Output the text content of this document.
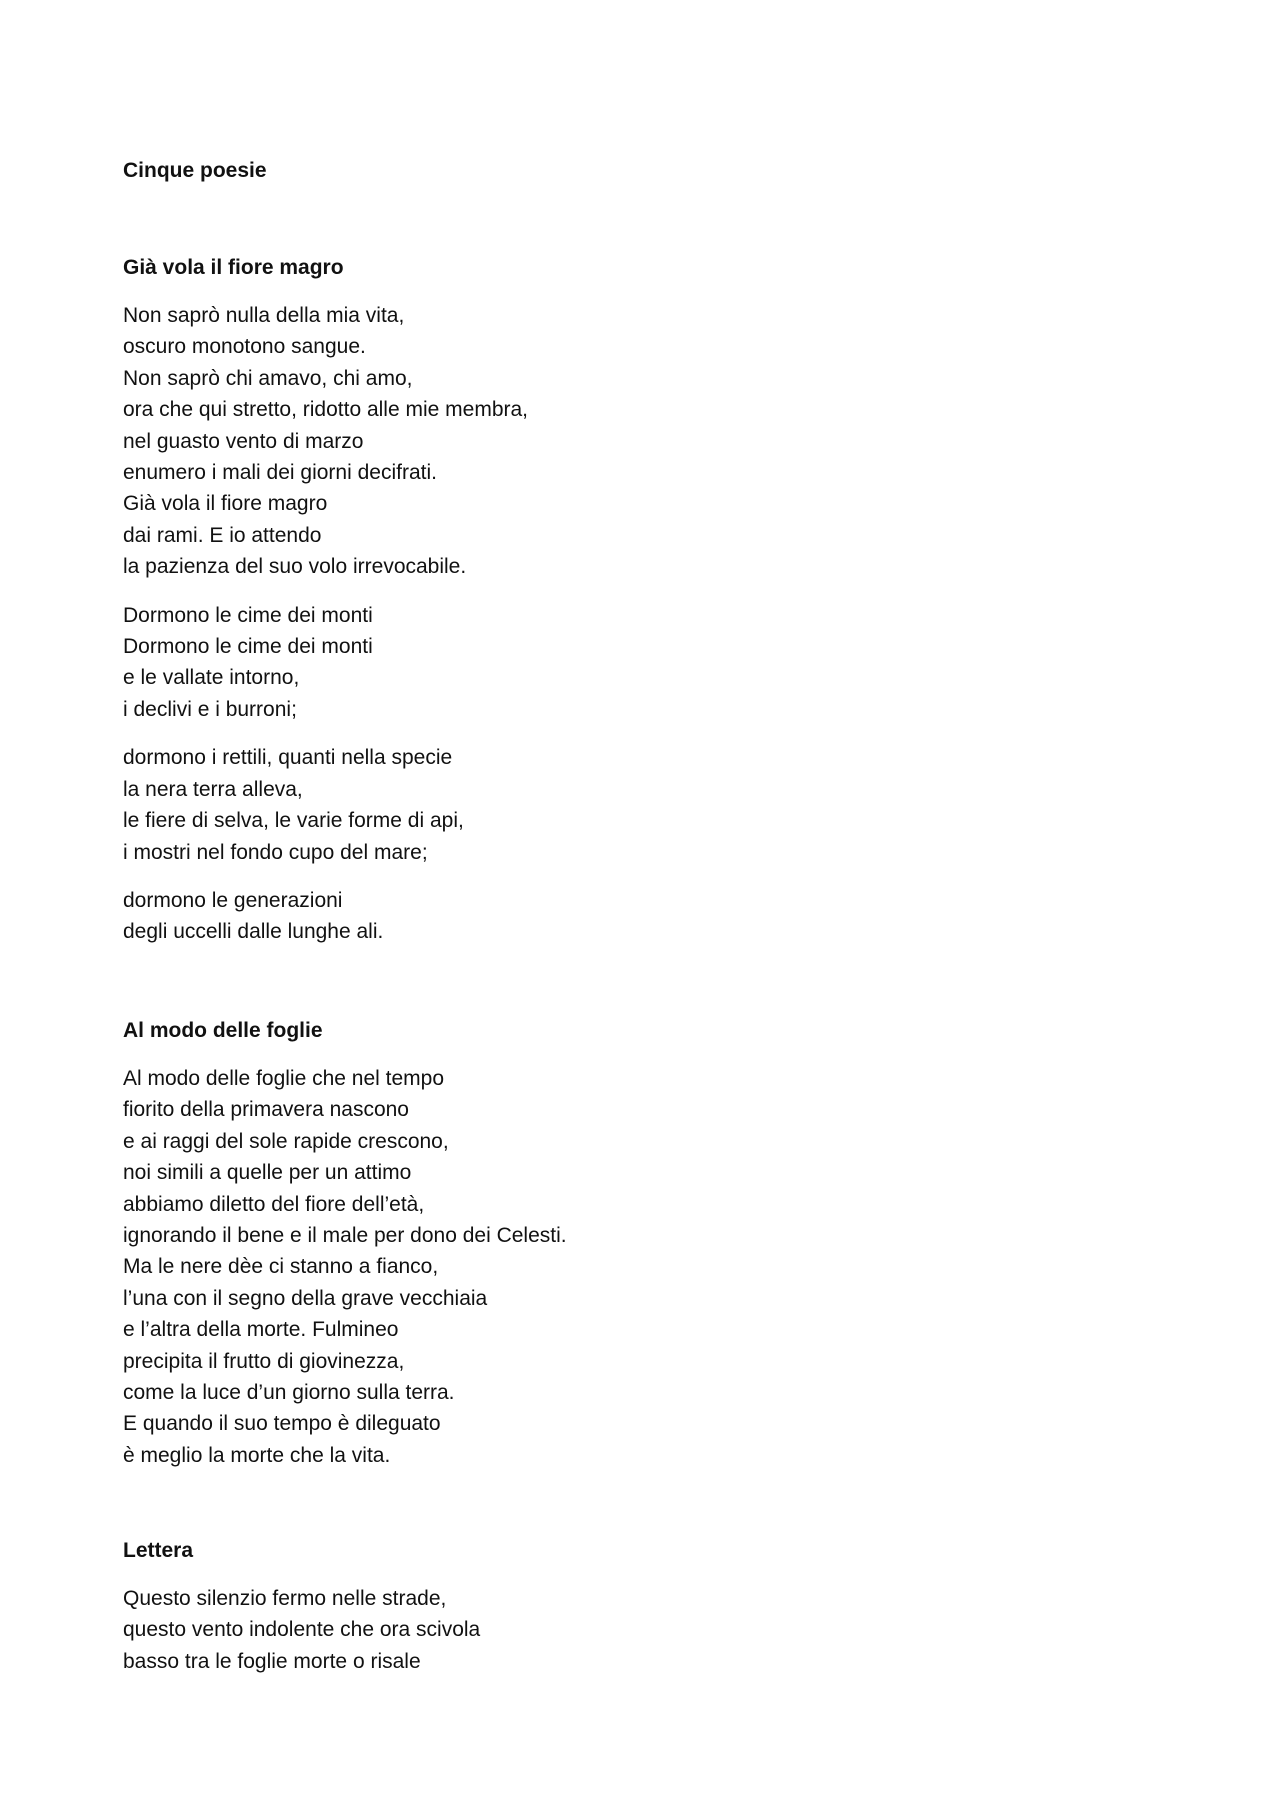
Cinque poesie
Già vola il fiore magro
Non saprò nulla della mia vita,
oscuro monotono sangue.
Non saprò chi amavo, chi amo,
ora che qui stretto, ridotto alle mie membra,
nel guasto vento di marzo
enumero i mali dei giorni decifrati.
Già vola il fiore magro
dai rami. E io attendo
la pazienza del suo volo irrevocabile.
Dormono le cime dei monti
Dormono le cime dei monti
e le vallate intorno,
i declivi e i burroni;
dormono i rettili, quanti nella specie
la nera terra alleva,
le fiere di selva, le varie forme di api,
i mostri nel fondo cupo del mare;
dormono le generazioni
degli uccelli dalle lunghe ali.
Al modo delle foglie
Al modo delle foglie che nel tempo
fiorito della primavera nascono
e ai raggi del sole rapide crescono,
noi simili a quelle per un attimo
abbiamo diletto del fiore dell’età,
ignorando il bene e il male per dono dei Celesti.
Ma le nere dèe ci stanno a fianco,
l’una con il segno della grave vecchiaia
e l’altra della morte. Fulmineo
precipita il frutto di giovinezza,
come la luce d’un giorno sulla terra.
E quando il suo tempo è dileguato
è meglio la morte che la vita.
Lettera
Questo silenzio fermo nelle strade,
questo vento indolente che ora scivola
basso tra le foglie morte o risale
